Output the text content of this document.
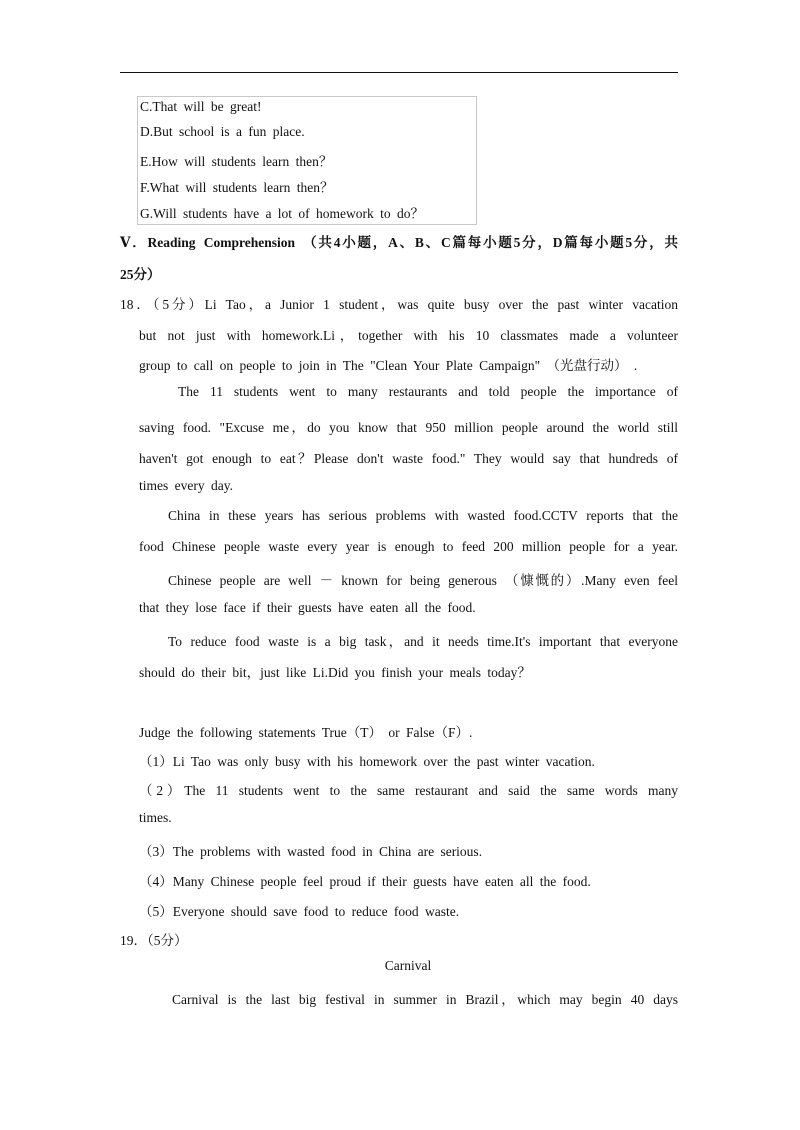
C.That will be great!
D.But school is a fun place.
E.How will students learn then？
F.What will students learn then？
G.Will students have a lot of homework to do？
Ⅴ．Reading Comprehension （共4小题，A、B、C篇每小题5分，D篇每小题5分，共
25分）
18．（5分）Li Tao，a Junior 1 student，was quite busy over the past winter vacation
but not just with homework.Li，together with his 10 classmates made a volunteer
group to call on people to join in The "Clean Your Plate Campaign" （光盘行动） .
The 11 students went to many restaurants and told people the importance of
saving food. "Excuse me，do you know that 950 million people around the world still
haven't got enough to eat？Please don't waste food." They would say that hundreds of
times every day.
China in these years has serious problems with wasted food.CCTV reports that the
food Chinese people waste every year is enough to feed 200 million people for a year.
Chinese people are well － known for being generous （慷慨的）.Many even feel
that they lose face if their guests have eaten all the food.
To reduce food waste is a big task，and it needs time.It's important that everyone
should do their bit，just like Li.Did you finish your meals today？
Judge the following statements True（T） or False（F）.
（1）Li Tao was only busy with his homework over the past winter vacation.
（2）The 11 students went to the same restaurant and said the same words many
times.
（3）The problems with wasted food in China are serious.
（4）Many Chinese people feel proud if their guests have eaten all the food.
（5）Everyone should save food to reduce food waste.
19．（5分）
Carnival
Carnival is the last big festival in summer in Brazil，which may begin 40 days
